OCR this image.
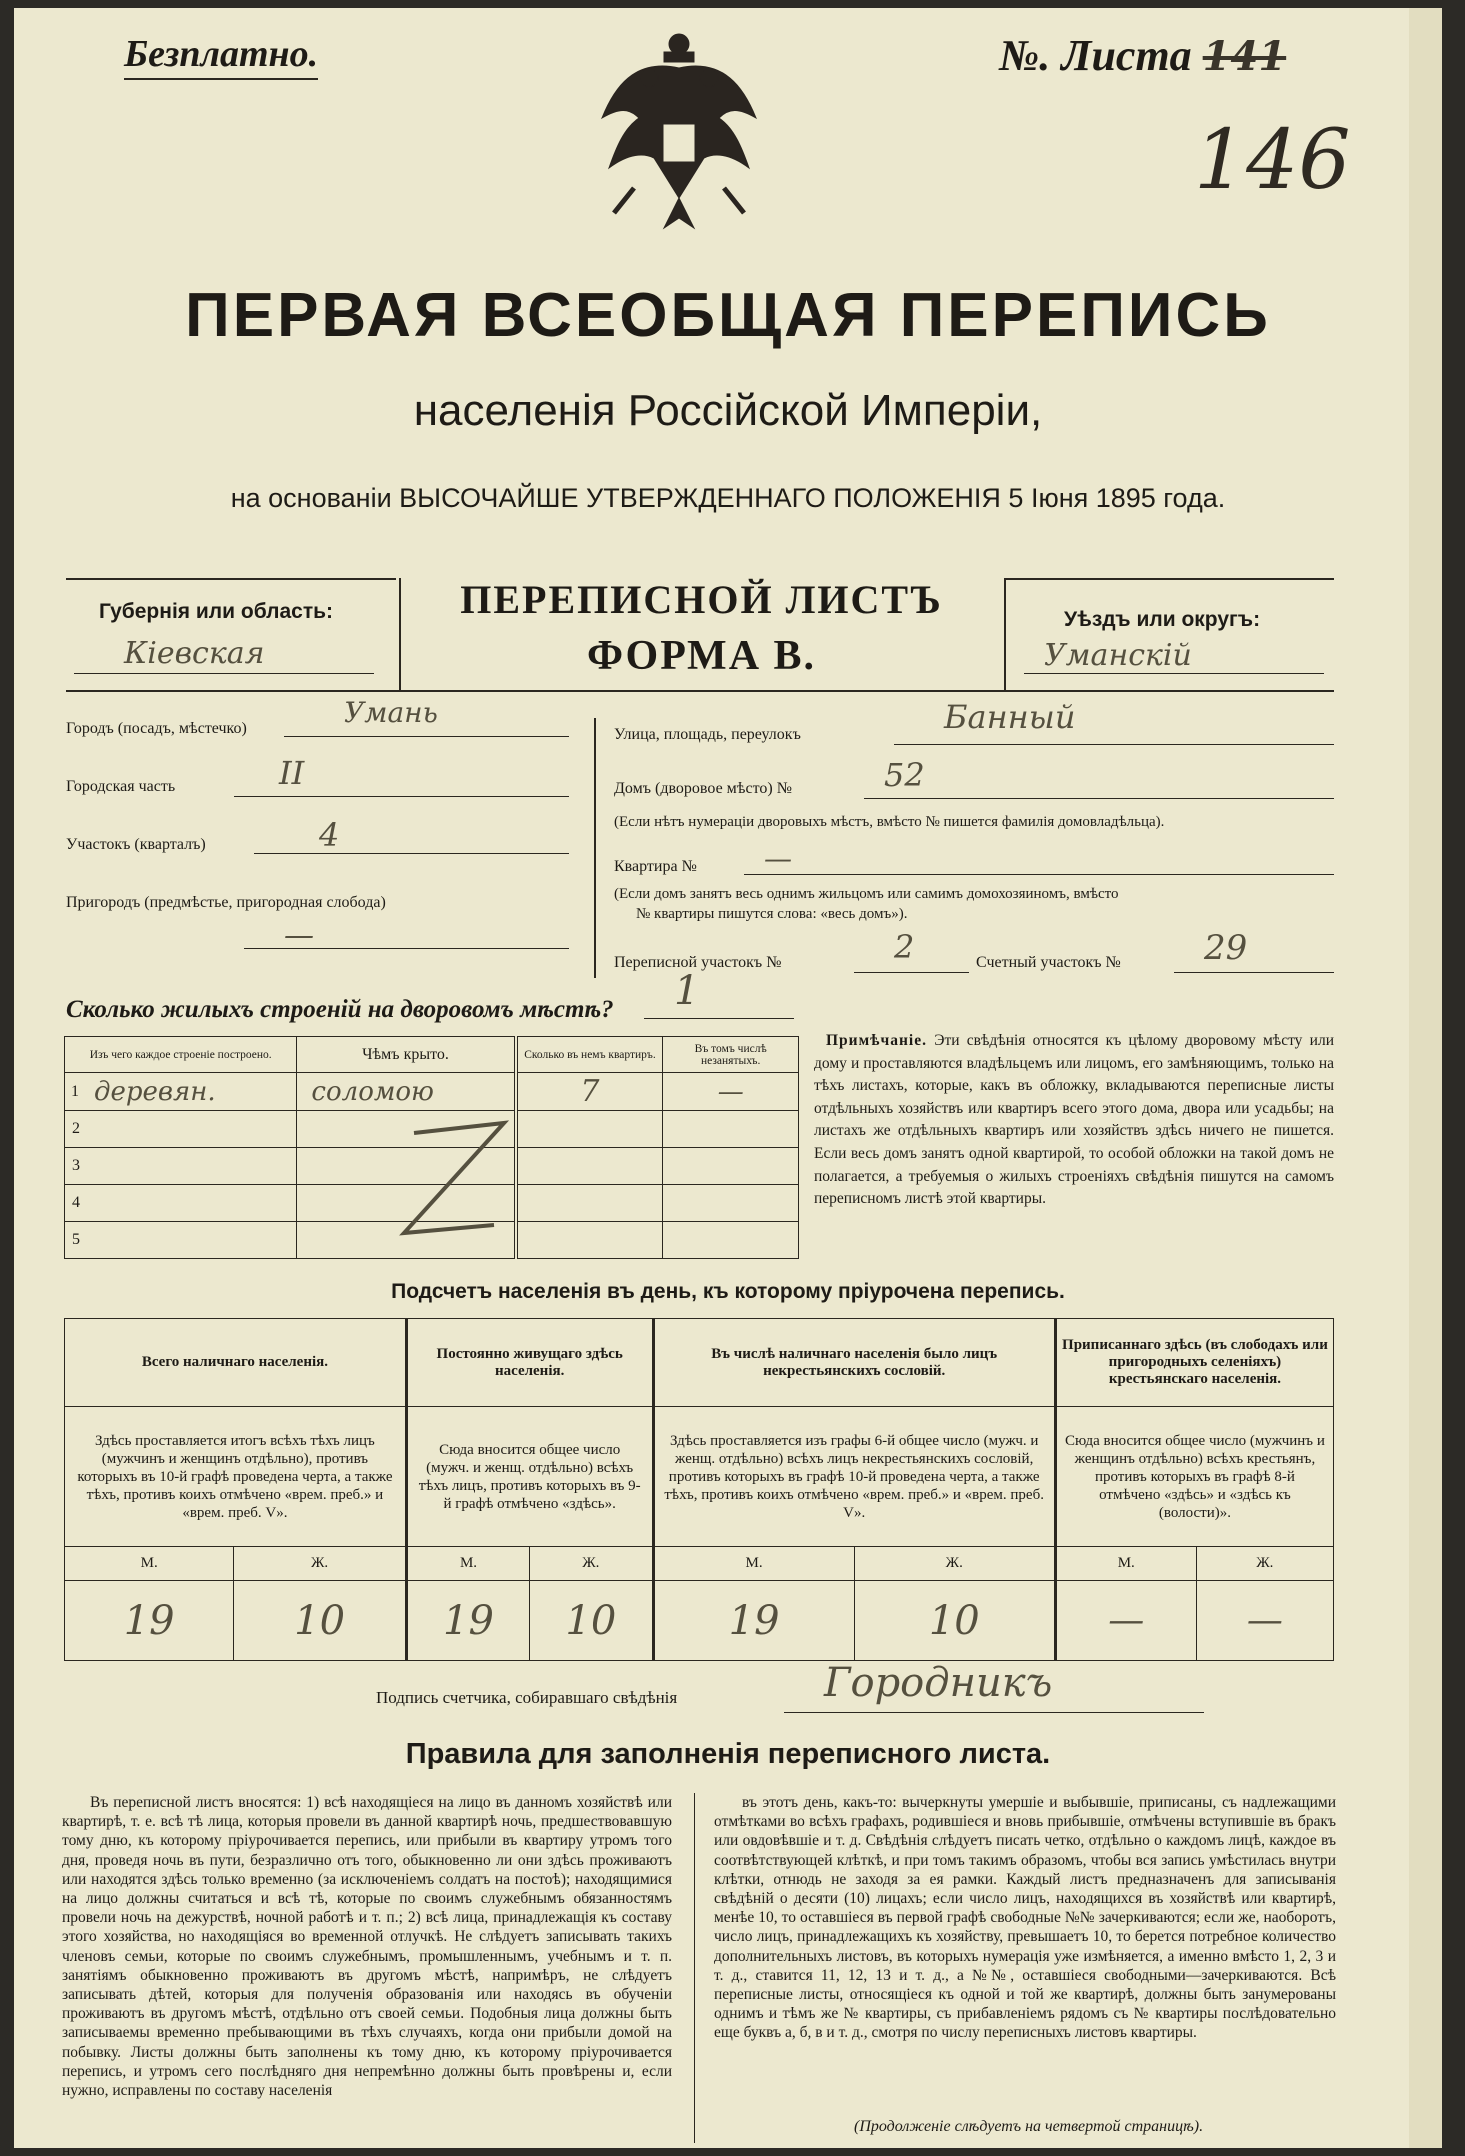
Безплатно.	№. Листа 141
146
ПЕРВАЯ ВСЕОБЩАЯ ПЕРЕПИСЬ
населенія Россійской Имперіи,
на основаніи ВЫСОЧАЙШЕ УТВЕРЖДЕННАГО ПОЛОЖЕНІЯ 5 Іюня 1895 года.
Губернія или область:
Кіевская
ПЕРЕПИСНОЙ ЛИСТЪ
ФОРМА В.
Уѣздъ или округъ:
Уманскій
Городъ (посадъ, мѣстечко)	Умань
Городская часть	II
Участокъ (кварталъ)	4
Пригородъ (предмѣстье, пригородная слобода)
—
Улица, площадь, переулокъ	Банный
Домъ (дворовое мѣсто) №	52
(Если нѣтъ нумераціи дворовыхъ мѣстъ, вмѣсто № пишется фамилія домовладѣльца).
Квартира № —
(Если домъ занятъ весь однимъ жильцомъ или самимъ домохозяиномъ, вмѣсто
№ квартиры пишутся слова: «весь домъ»).
Переписной участокъ №	2	Счетный участокъ № 29
Сколько жилыхъ строеній на дворовомъ мѣстѣ? 1
Изъ чего каждое строеніе построено.	Чѣмъ крыто.	Сколько въ немъ квартиръ.	Въ томъ числѣ незанятыхъ.

1 деревян.	соломою	7	—
2			
3			
4			
5			
Примѣчаніе. Эти свѣдѣнія относятся къ цѣлому дворовому мѣсту или дому и проставляются владѣльцемъ или лицомъ, его замѣняющимъ, только на тѣхъ листахъ, которые, какъ въ обложку, вкладываются переписные листы отдѣльныхъ хозяйствъ или квартиръ всего этого дома, двора или усадьбы; на листахъ же отдѣльныхъ квартиръ или хозяйствъ здѣсь ничего не пишется. Если весь домъ занятъ одной квартирой, то особой обложки на такой домъ не полагается, а требуемыя о жилыхъ строеніяхъ свѣдѣнія пишутся на самомъ переписномъ листѣ этой квартиры.
Подсчетъ населенія въ день, къ которому пріурочена перепись.
Всего наличнаго населенія.		Постоянно живущаго здѣсь населенія.		Въ числѣ наличнаго населенія было лицъ некрестьянскихъ сословій.		Приписаннаго здѣсь (въ слободахъ или пригородныхъ селеніяхъ) крестьянскаго населенія.	
Здѣсь проставляется итогъ всѣхъ тѣхъ лицъ (мужчинъ и женщинъ отдѣльно), противъ которыхъ въ 10-й графѣ проведена черта, а также тѣхъ, противъ коихъ отмѣчено «врем. преб.» и «врем. преб. V».		Сюда вносится общее число (мужч. и женщ. отдѣльно) всѣхъ тѣхъ лицъ, противъ которыхъ въ 9-й графѣ отмѣчено «здѣсь».		Здѣсь проставляется изъ графы 6-й общее число (мужч. и женщ. отдѣльно) всѣхъ лицъ некрестьянскихъ сословій, противъ которыхъ въ графѣ 10-й проведена черта, а также тѣхъ, противъ коихъ отмѣчено «врем. преб.» и «врем. преб. V».		Сюда вносится общее число (мужчинъ и женщинъ отдѣльно) всѣхъ крестьянъ, противъ которыхъ въ графѣ 8-й отмѣчено «здѣсь» и «здѣсь къ (волости)».	
М.	Ж.	М.	Ж.	М.	Ж.	М.	Ж.
19	10	19	10	19	10	—	—
Подпись счетчика, собиравшаго свѣдѣнія	Городникъ
Правила для заполненія переписного листа.
Въ переписной листъ вносятся: 1) всѣ находящіеся на лицо въ данномъ хозяйствѣ или квартирѣ, т. е. всѣ тѣ лица, которыя провели въ данной квартирѣ ночь, предшествовавшую тому дню, къ которому пріурочивается перепись, или прибыли въ квартиру утромъ того дня, проведя ночь въ пути, безразлично отъ того, обыкновенно ли они здѣсь проживаютъ или находятся здѣсь только временно (за исключеніемъ солдатъ на постоѣ); находящимися на лицо должны считаться и всѣ тѣ, которые по своимъ служебнымъ обязанностямъ провели ночь на дежурствѣ, ночной работѣ и т. п.; 2) всѣ лица, принадлежащія къ составу этого хозяйства, но находящіяся во временной отлучкѣ. Не слѣдуетъ записывать такихъ членовъ семьи, которые по своимъ служебнымъ, промышленнымъ, учебнымъ и т. п. занятіямъ обыкновенно проживаютъ въ другомъ мѣстѣ, напримѣръ, не слѣдуетъ записывать дѣтей, которыя для полученія образованія или находясь въ обученіи проживаютъ въ другомъ мѣстѣ, отдѣльно отъ своей семьи. Подобныя лица должны быть записываемы временно пребывающими въ тѣхъ случаяхъ, когда они прибыли домой на побывку. Листы должны быть заполнены къ тому дню, къ которому пріурочивается перепись, и утромъ сего послѣдняго дня непремѣнно должны быть провѣрены и, если нужно, исправлены по составу населенія
въ этотъ день, какъ-то: вычеркнуты умершіе и выбывшіе, приписаны, съ надлежащими отмѣтками во всѣхъ графахъ, родившіеся и вновь прибывшіе, отмѣчены вступившіе въ бракъ или овдовѣвшіе и т. д. Свѣдѣнія слѣдуетъ писать четко, отдѣльно о каждомъ лицѣ, каждое въ соотвѣтствующей клѣткѣ, и при томъ такимъ образомъ, чтобы вся запись умѣстилась внутри клѣтки, отнюдь не заходя за ея рамки. Каждый листъ предназначенъ для записыванія свѣдѣній о десяти (10) лицахъ; если число лицъ, находящихся въ хозяйствѣ или квартирѣ, менѣе 10, то оставшіеся въ первой графѣ свободные №№ зачеркиваются; если же, наоборотъ, число лицъ, принадлежащихъ къ хозяйству, превышаетъ 10, то берется потребное количество дополнительныхъ листовъ, въ которыхъ нумерація уже измѣняется, а именно вмѣсто 1, 2, 3 и т. д., ставится 11, 12, 13 и т. д., а №№, оставшіеся свободными—зачеркиваются. Всѣ переписные листы, относящіеся къ одной и той же квартирѣ, должны быть занумерованы однимъ и тѣмъ же № квартиры, съ прибавленіемъ рядомъ съ № квартиры послѣдовательно еще буквъ а, б, в и т. д., смотря по числу переписныхъ листовъ квартиры.
(Продолженіе слѣдуетъ на четвертой страницѣ).
